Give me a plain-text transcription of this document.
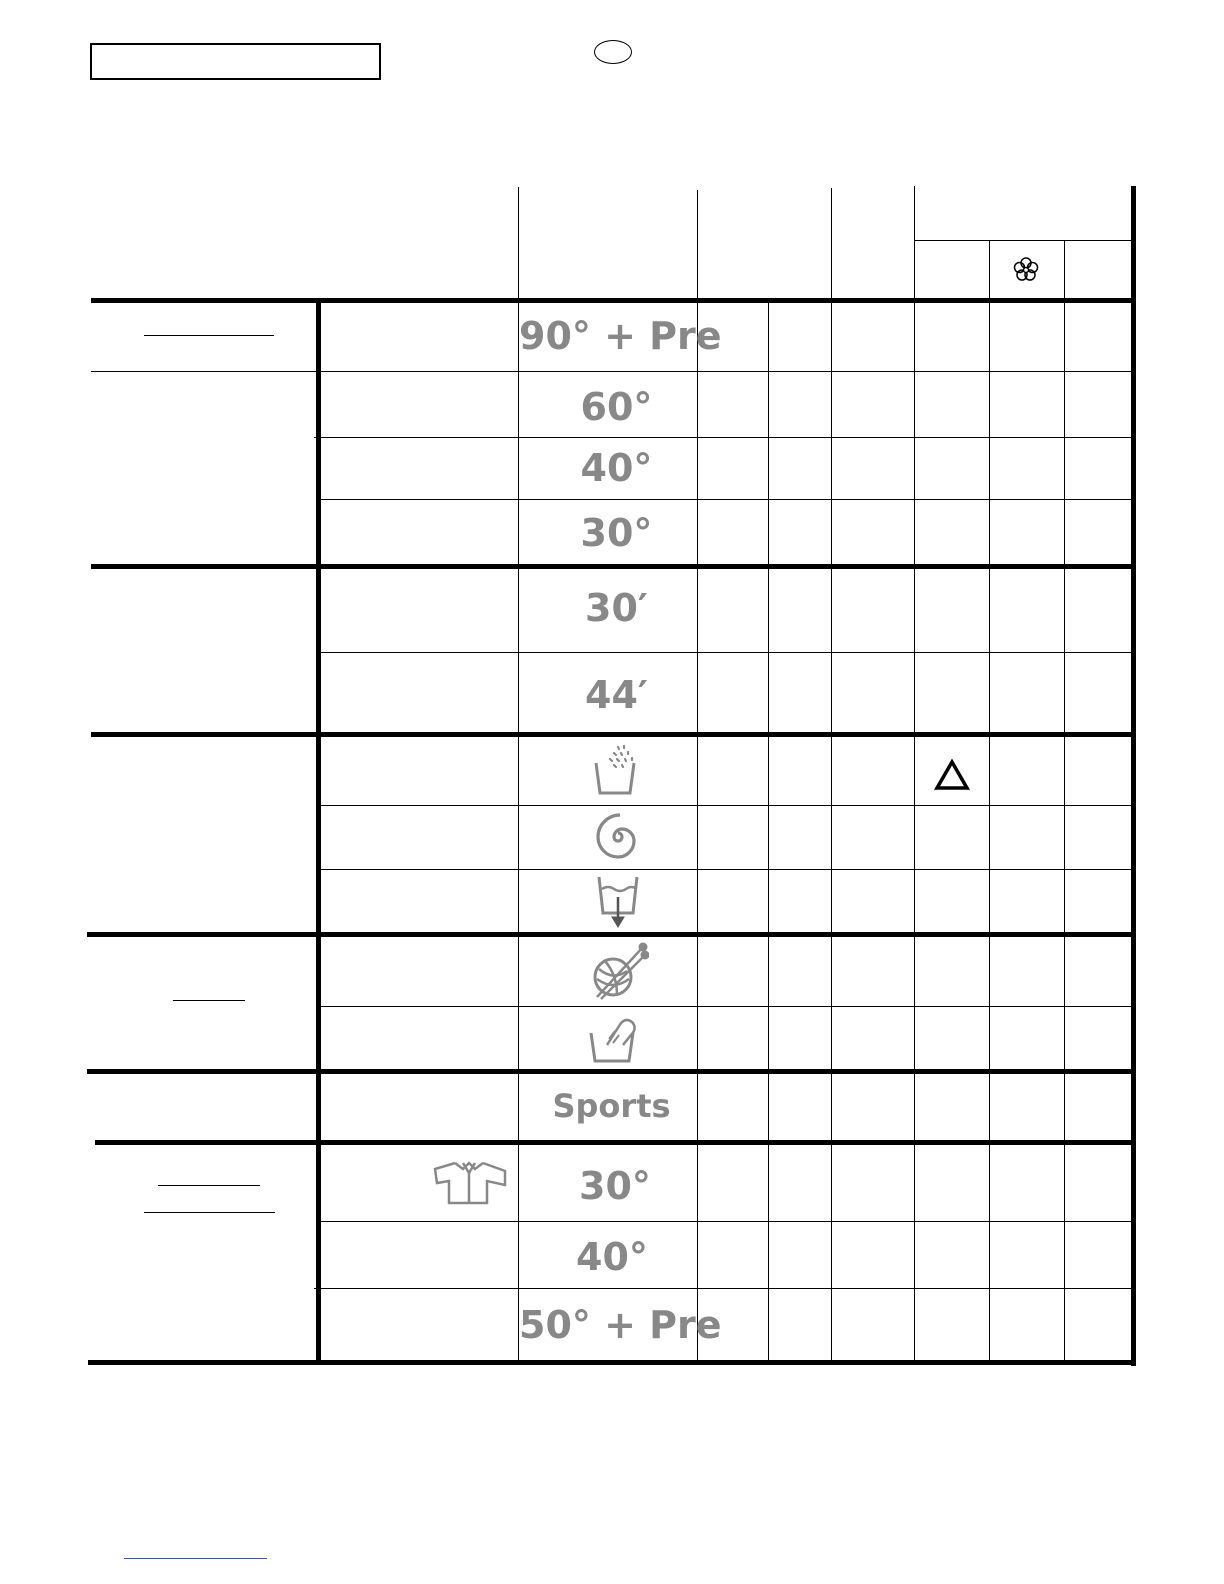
90° + Pre
60°
40°
30°
30′
44′
Sports
30°
40°
50° + Pre
